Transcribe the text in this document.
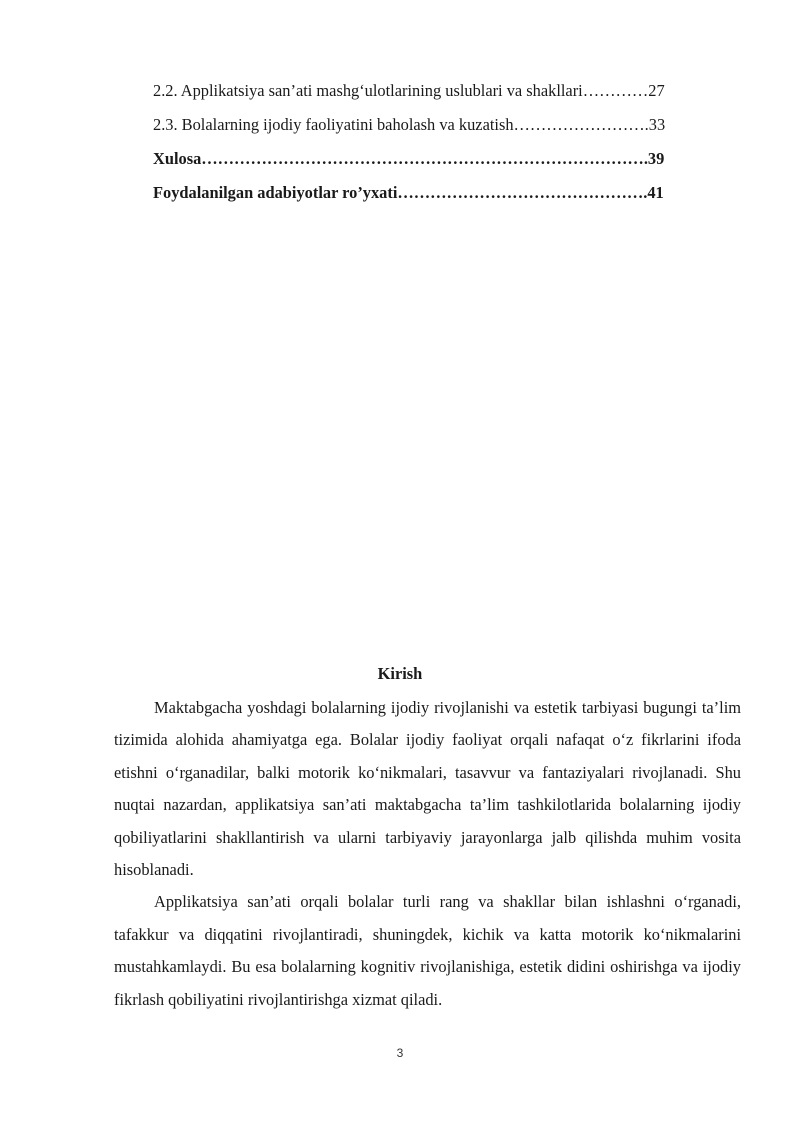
2.2. Applikatsiya san’ati mashg‘ulotlarining uslublari va shakllari…………27
2.3. Bolalarning ijodiy faoliyatini baholash va kuzatish…………………….33
Xulosa……………………………………………………………………….39
Foydalanilgan adabiyotlar ro’yxati……………………………………….41
Kirish

Maktabgacha yoshdagi bolalarning ijodiy rivojlanishi va estetik tarbiyasi bugungi ta’lim tizimida alohida ahamiyatga ega. Bolalar ijodiy faoliyat orqali nafaqat o‘z fikrlarini ifoda etishni o‘rganadilar, balki motorik ko‘nikmalari, tasavvur va fantaziyalari rivojlanadi. Shu nuqtai nazardan, applikatsiya san’ati maktabgacha ta’lim tashkilotlarida bolalarning ijodiy qobiliyatlarini shakllantirish va ularni tarbiyaviy jarayonlarga jalb qilishda muhim vosita hisoblanadi.

Applikatsiya san’ati orqali bolalar turli rang va shakllar bilan ishlashni o‘rganadi, tafakkur va diqqatini rivojlantiradi, shuningdek, kichik va katta motorik ko‘nikmalarini mustahkamlaydi. Bu esa bolalarning kognitiv rivojlanishiga, estetik didini oshirishga va ijodiy fikrlash qobiliyatini rivojlantirishga xizmat qiladi.

3
